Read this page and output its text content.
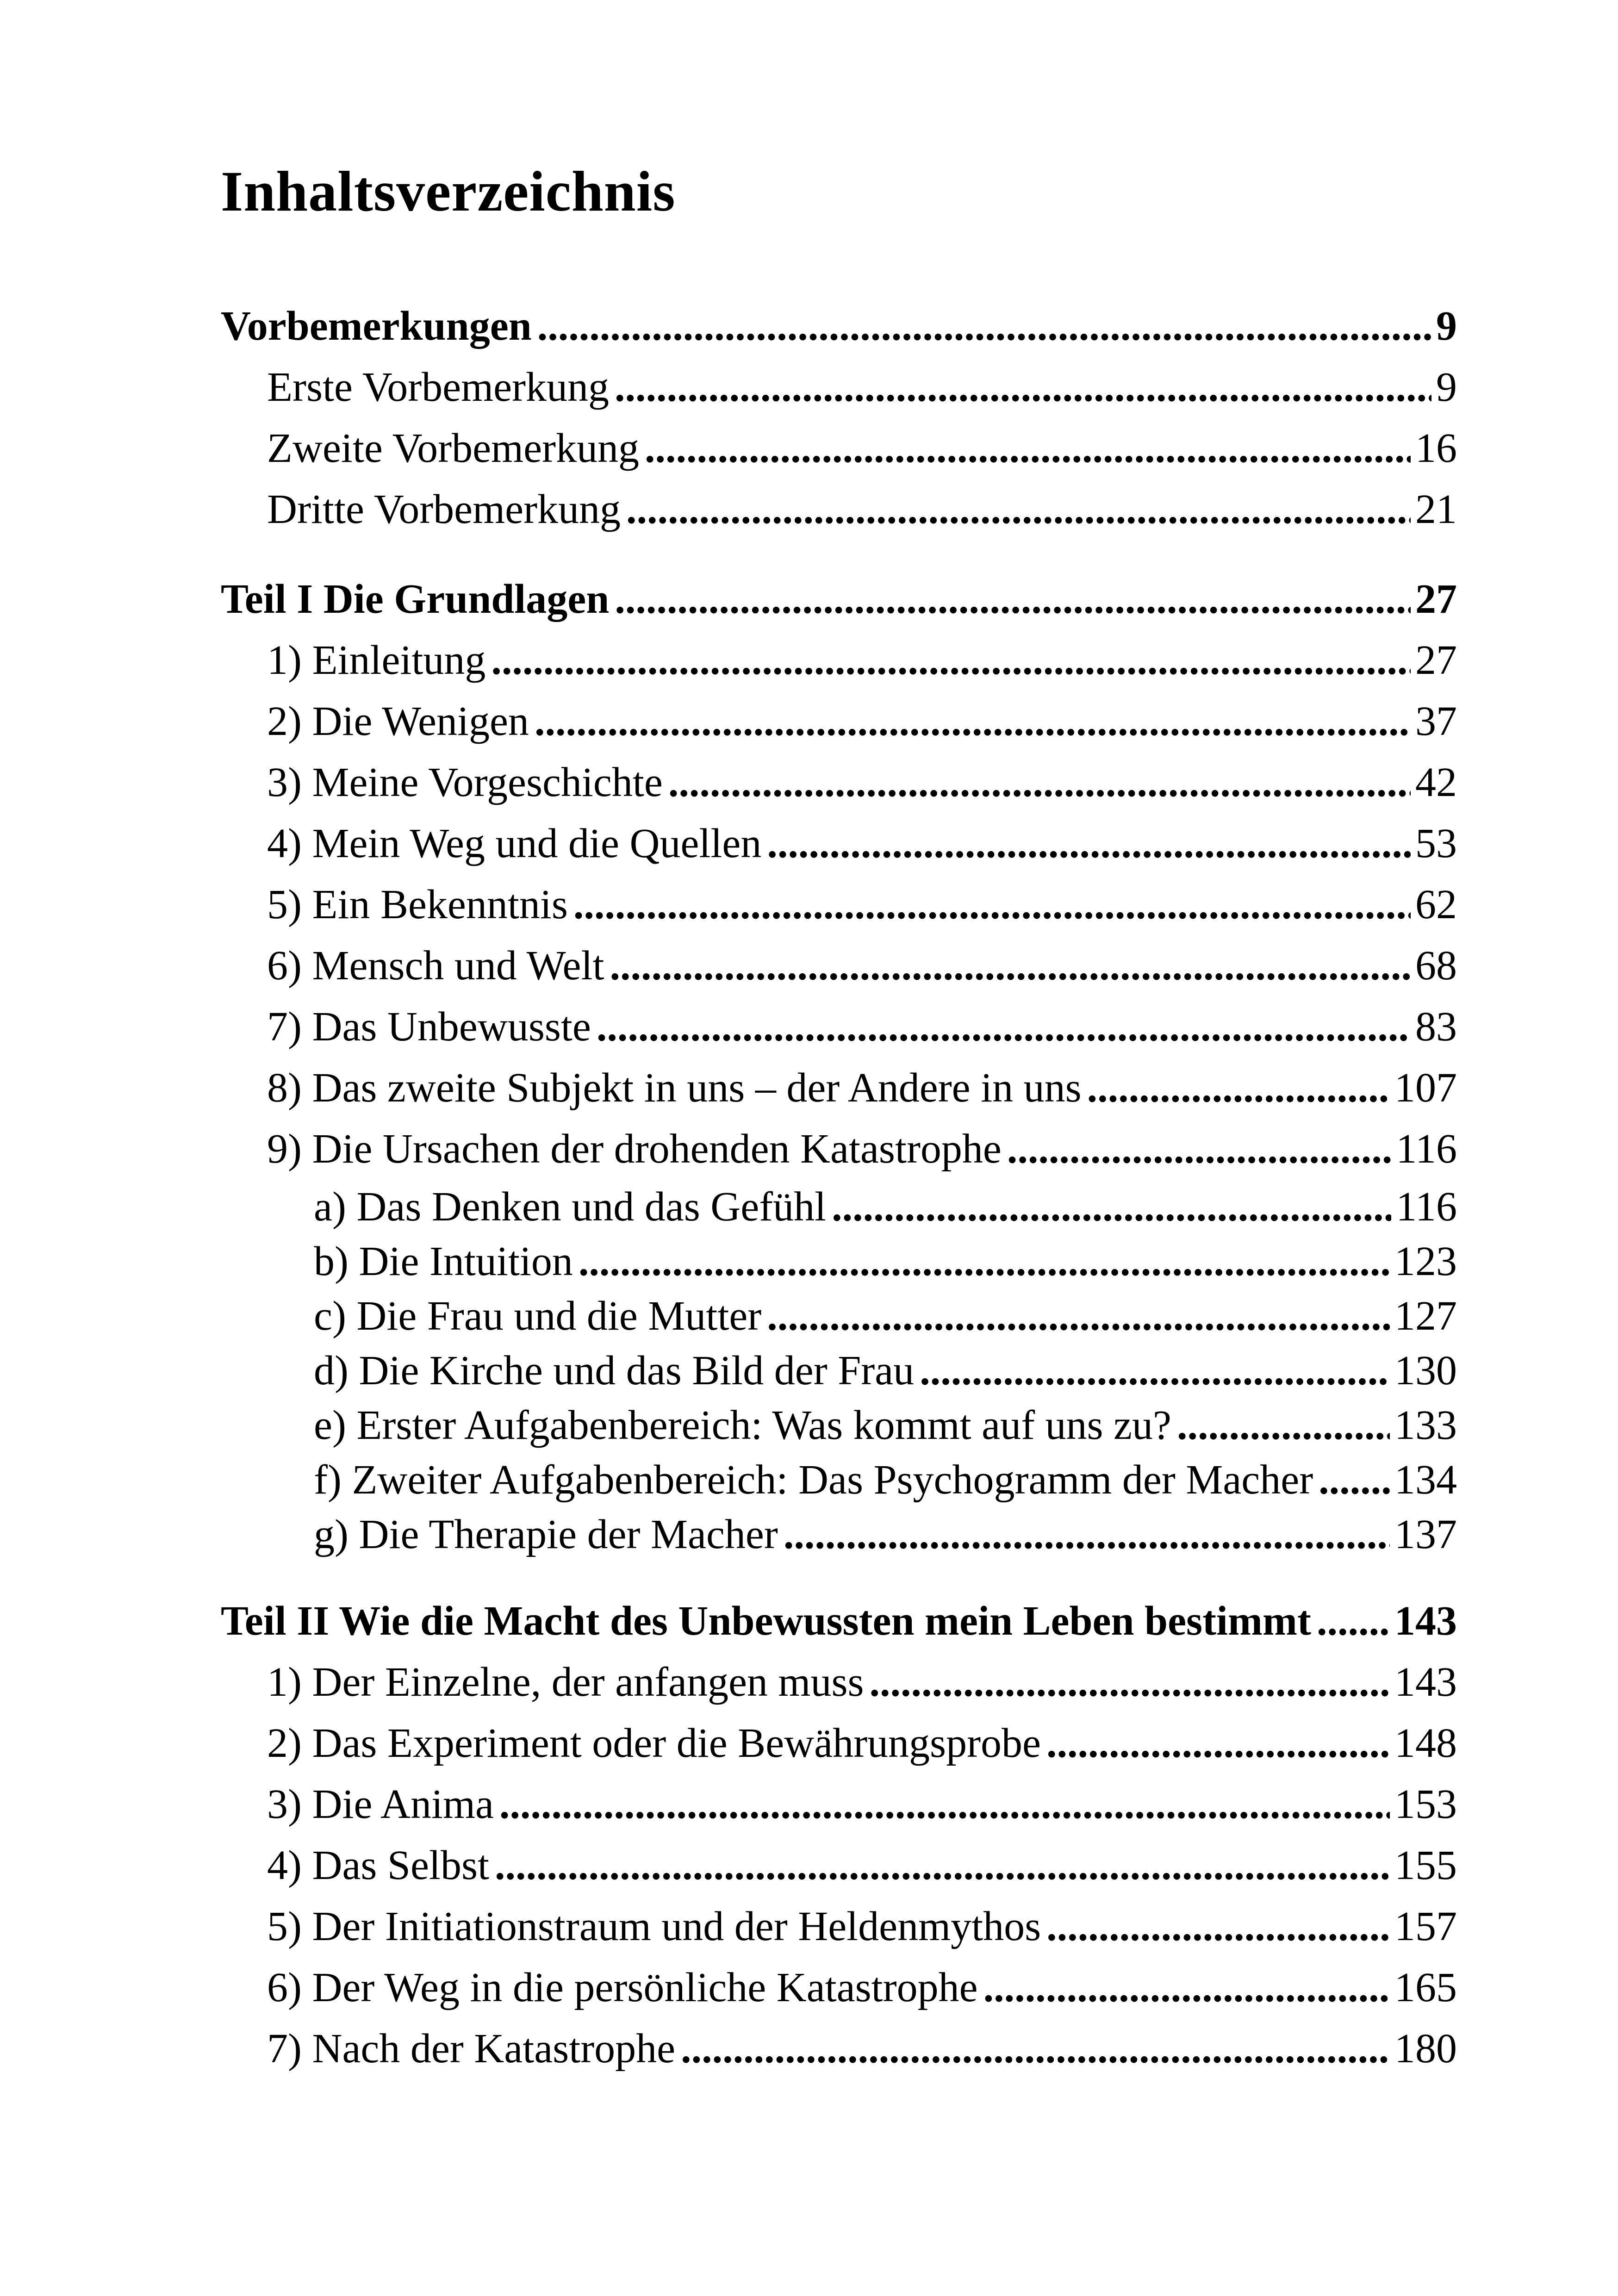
Inhaltsverzeichnis
Vorbemerkungen .....	9
Erste Vorbemerkung .....	9
Zweite Vorbemerkung .....	16
Dritte Vorbemerkung .....	21
Teil I Die Grundlagen .....	27
1) Einleitung .....	27
2) Die Wenigen .....	37
3) Meine Vorgeschichte .....	42
4) Mein Weg und die Quellen .....	53
5) Ein Bekenntnis .....	62
6) Mensch und Welt .....	68
7) Das Unbewusste .....	83
8) Das zweite Subjekt in uns – der Andere in uns .....	107
9) Die Ursachen der drohenden Katastrophe .....	116
a) Das Denken und das Gefühl .....	116
b) Die Intuition .....	123
c) Die Frau und die Mutter .....	127
d) Die Kirche und das Bild der Frau .....	130
e) Erster Aufgabenbereich: Was kommt auf uns zu? .....	133
f) Zweiter Aufgabenbereich: Das Psychogramm der Macher ..... 134
g) Die Therapie der Macher .....	137
Teil II Wie die Macht des Unbewussten mein Leben bestimmt ..... 143
1) Der Einzelne, der anfangen muss .....	143
2) Das Experiment oder die Bewährungsprobe .....	148
3) Die Anima .....	153
4) Das Selbst .....	155
5) Der Initiationstraum und der Heldenmythos .....	157
6) Der Weg in die persönliche Katastrophe .....	165
7) Nach der Katastrophe .....	180
